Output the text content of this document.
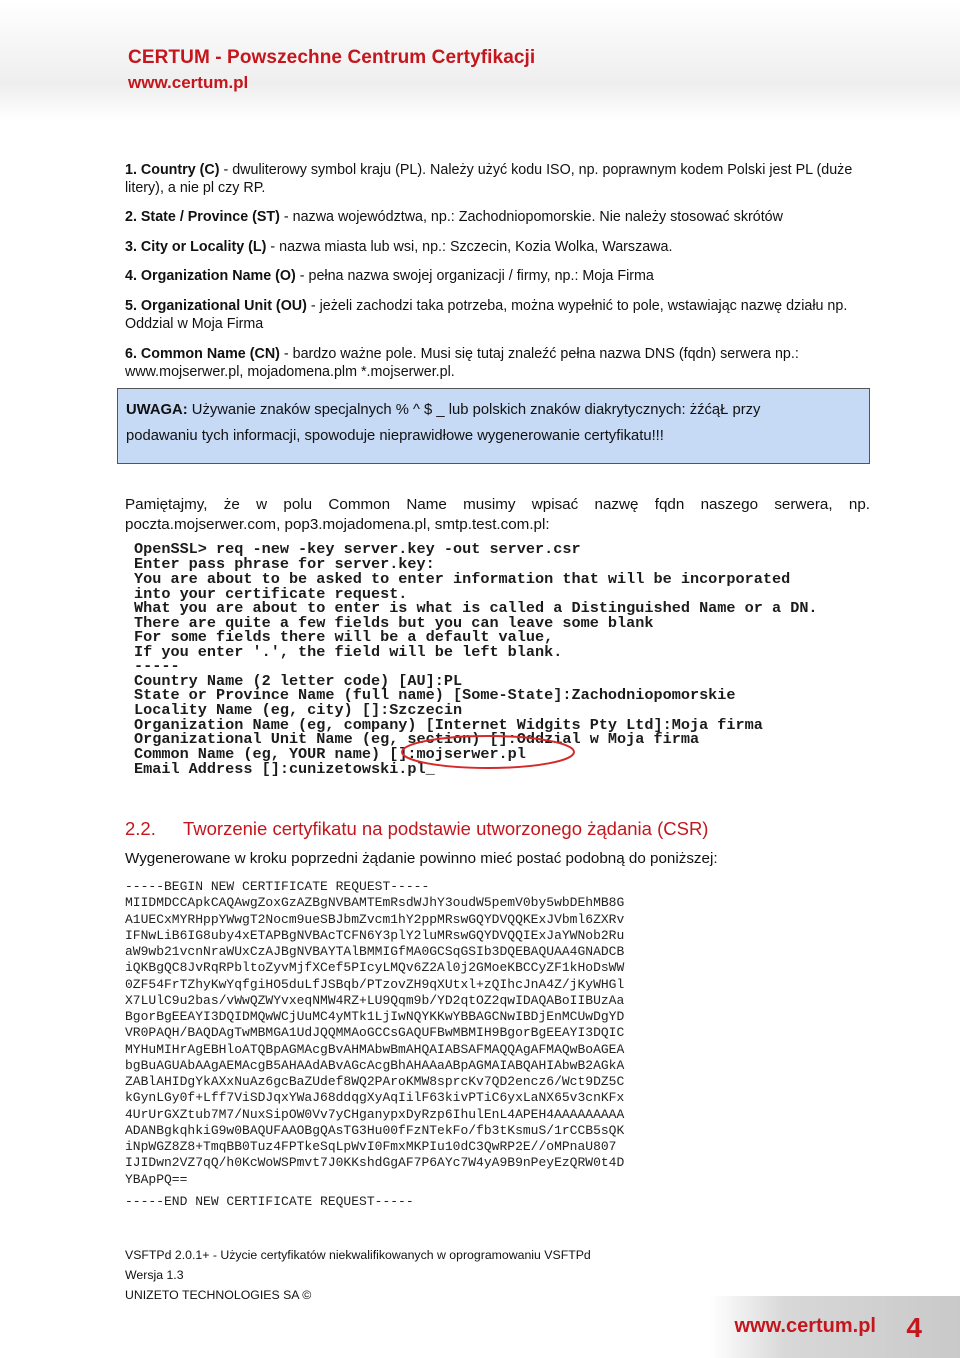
CERTUM - Powszechne Centrum Certyfikacji
www.certum.pl
1. Country (C) - dwuliterowy symbol kraju (PL). Należy użyć kodu ISO, np. poprawnym kodem Polski jest PL (duże litery), a nie pl czy RP.
2. State / Province (ST) - nazwa województwa, np.: Zachodniopomorskie. Nie należy stosować skrótów
3. City or Locality (L) - nazwa miasta lub wsi, np.: Szczecin, Kozia Wolka, Warszawa.
4. Organization Name (O) - pełna nazwa swojej organizacji / firmy, np.: Moja Firma
5. Organizational Unit (OU) - jeżeli zachodzi taka potrzeba, można wypełnić to pole, wstawiając nazwę działu np. Oddzial w Moja Firma
6. Common Name (CN) - bardzo ważne pole. Musi się tutaj znaleźć pełna nazwa DNS (fqdn) serwera np.: www.mojserwer.pl, mojadomena.plm *.mojserwer.pl.
UWAGA: Używanie znaków specjalnych % ^ $ _ lub polskich znaków diakrytycznych: żźćąŁ przy
podawaniu tych informacji, spowoduje nieprawidłowe wygenerowanie certyfikatu!!!
Pamiętajmy, że w polu Common Name musimy wpisać nazwę fqdn naszego serwera, np.
poczta.mojserwer.com, pop3.mojadomena.pl, smtp.test.com.pl:
OpenSSL> req -new -key server.key -out server.csr
Enter pass phrase for server.key:
You are about to be asked to enter information that will be incorporated
into your certificate request.
What you are about to enter is what is called a Distinguished Name or a DN.
There are quite a few fields but you can leave some blank
For some fields there will be a default value,
If you enter '.', the field will be left blank.
-----
Country Name (2 letter code) [AU]:PL
State or Province Name (full name) [Some-State]:Zachodniopomorskie
Locality Name (eg, city) []:Szczecin
Organization Name (eg, company) [Internet Widgits Pty Ltd]:Moja firma
Organizational Unit Name (eg, section) []:Oddzial w Moja firma
Common Name (eg, YOUR name) []:mojserwer.pl
Email Address []:cunizetowski.pl_
2.2. Tworzenie certyfikatu na podstawie utworzonego żądania (CSR)
Wygenerowane w kroku poprzedni żądanie powinno mieć postać podobną do poniższej:
-----BEGIN NEW CERTIFICATE REQUEST-----
MIIDMDCCApkCAQAwgZoxGzAZBgNVBAMTEmRsdWJhY3oudW5pemV0by5wbDEhMB8G
A1UECxMYRHppYWwgT2Nocm9ueSBJbmZvcm1hY2ppMRswGQYDVQQKExJVbml6ZXRv
IFNwLiB6IG8uby4xETAPBgNVBAcTCFN6Y3plY2luMRswGQYDVQQIExJaYWNob2Ru
aW9wb21vcnNraWUxCzAJBgNVBAYTAlBMMIGfMA0GCSqGSIb3DQEBAQUAA4GNADCB
iQKBgQC8JvRqRPbltoZyvMjfXCef5PIcyLMQv6Z2Al0j2GMoeKBCCyZF1kHoDsWW
0ZF54FrTZhyKwYqfgiHO5duLfJSBqb/PTzovZH9qXUtxl+zQIhcJnA4Z/jKyWHGl
X7LUlC9u2bas/vWwQZWYvxeqNMW4RZ+LU9Qqm9b/YD2qtOZ2qwIDAQABoIIBUzAa
BgorBgEEAYI3DQIDMQwWCjUuMC4yMTk1LjIwNQYKKwYBBAGCNwIBDjEnMCUwDgYD
VR0PAQH/BAQDAgTwMBMGA1UdJQQMMAoGCCsGAQUFBwMBMIH9BgorBgEEAYI3DQIC
MYHuMIHrAgEBHloATQBpAGMAcgBvAHMAbwBmAHQAIABSAFMAQQAgAFMAQwBoAGEA
bgBuAGUAbAAgAEMAcgB5AHAAdABvAGcAcgBhAHAAaABpAGMAIABQAHIAbwB2AGkA
ZABlAHIDgYkAXxNuAz6gcBaZUdef8WQ2PAroKMW8sprcKv7QD2encz6/Wct9DZ5C
kGynLGy0f+Lff7ViSDJqxYWaJ68ddqgXyAqIilF63kivPTiC6yxLaNX65v3cnKFx
4UrUrGXZtub7M7/NuxSipOW0Vv7yCHganypxDyRzp6IhulEnL4APEH4AAAAAAAAA
ADANBgkqhkiG9w0BAQUFAAOBgQAsTG3Hu00fFzNTekFo/fb3tKsmuS/1rCCB5sQK
iNpWGZ8Z8+TmqBB0Tuz4FPTkeSqLpWvI0FmxMKPIu10dC3QwRP2E//oMPnaU807
IJIDwn2VZ7qQ/h0KcWoWSPmvt7J0KKshdGgAF7P6AYc7W4yA9B9nPeyEzQRW0t4D
YBApPQ==
-----END NEW CERTIFICATE REQUEST-----
VSFTPd 2.0.1+ - Użycie certyfikatów niekwalifikowanych w oprogramowaniu VSFTPd
Wersja 1.3
UNIZETO TECHNOLOGIES SA ©
www.certum.pl 4
